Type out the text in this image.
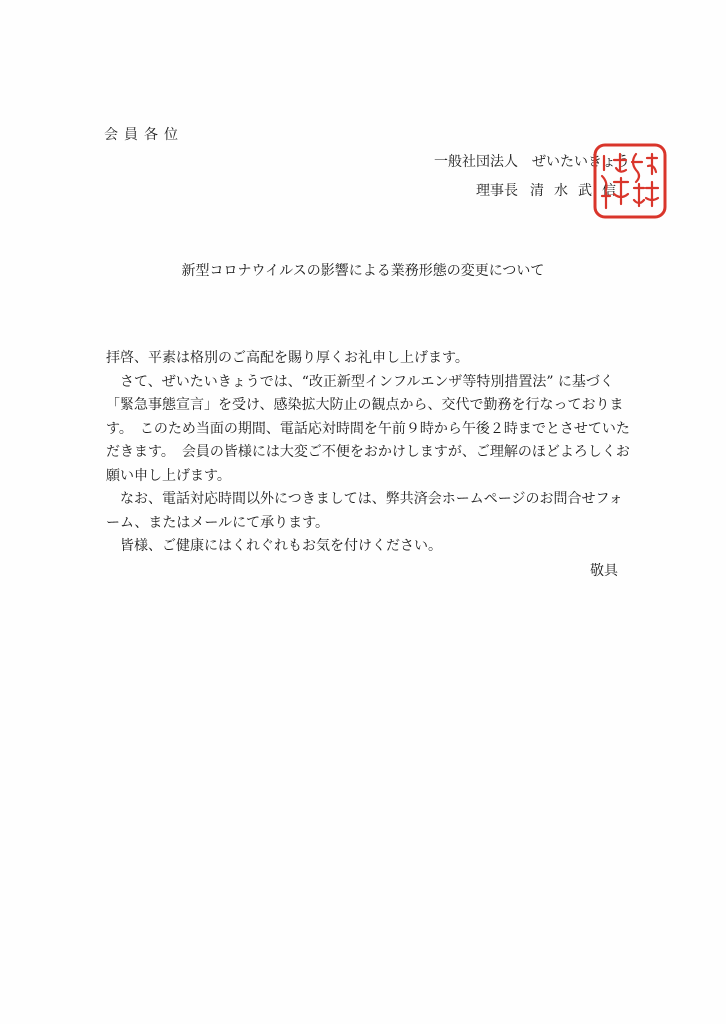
会員各位
一般社団法人 ぜいたいきょう
理事長 清水武信
新型コロナウイルスの影響による業務形態の変更について

拝啓、平素は格別のご高配を賜り厚くお礼申し上げます。

さて、ぜいたいきょうでは、“改正新型インフルエンザ等特別措置法” に基づく「緊急事態宣言」を受け、感染拡大防止の観点から、交代で勤務を行なっております。　このため当面の期間、電話応対時間を午前９時から午後２時までとさせていただきます。　会員の皆様には大変ご不便をおかけしますが、ご理解のほどよろしくお願い申し上げます。

なお、電話対応時間以外につきましては、弊共済会ホームページのお問合せフォーム、またはメールにて承ります。

皆様、ご健康にはくれぐれもお気を付けください。

敬具
